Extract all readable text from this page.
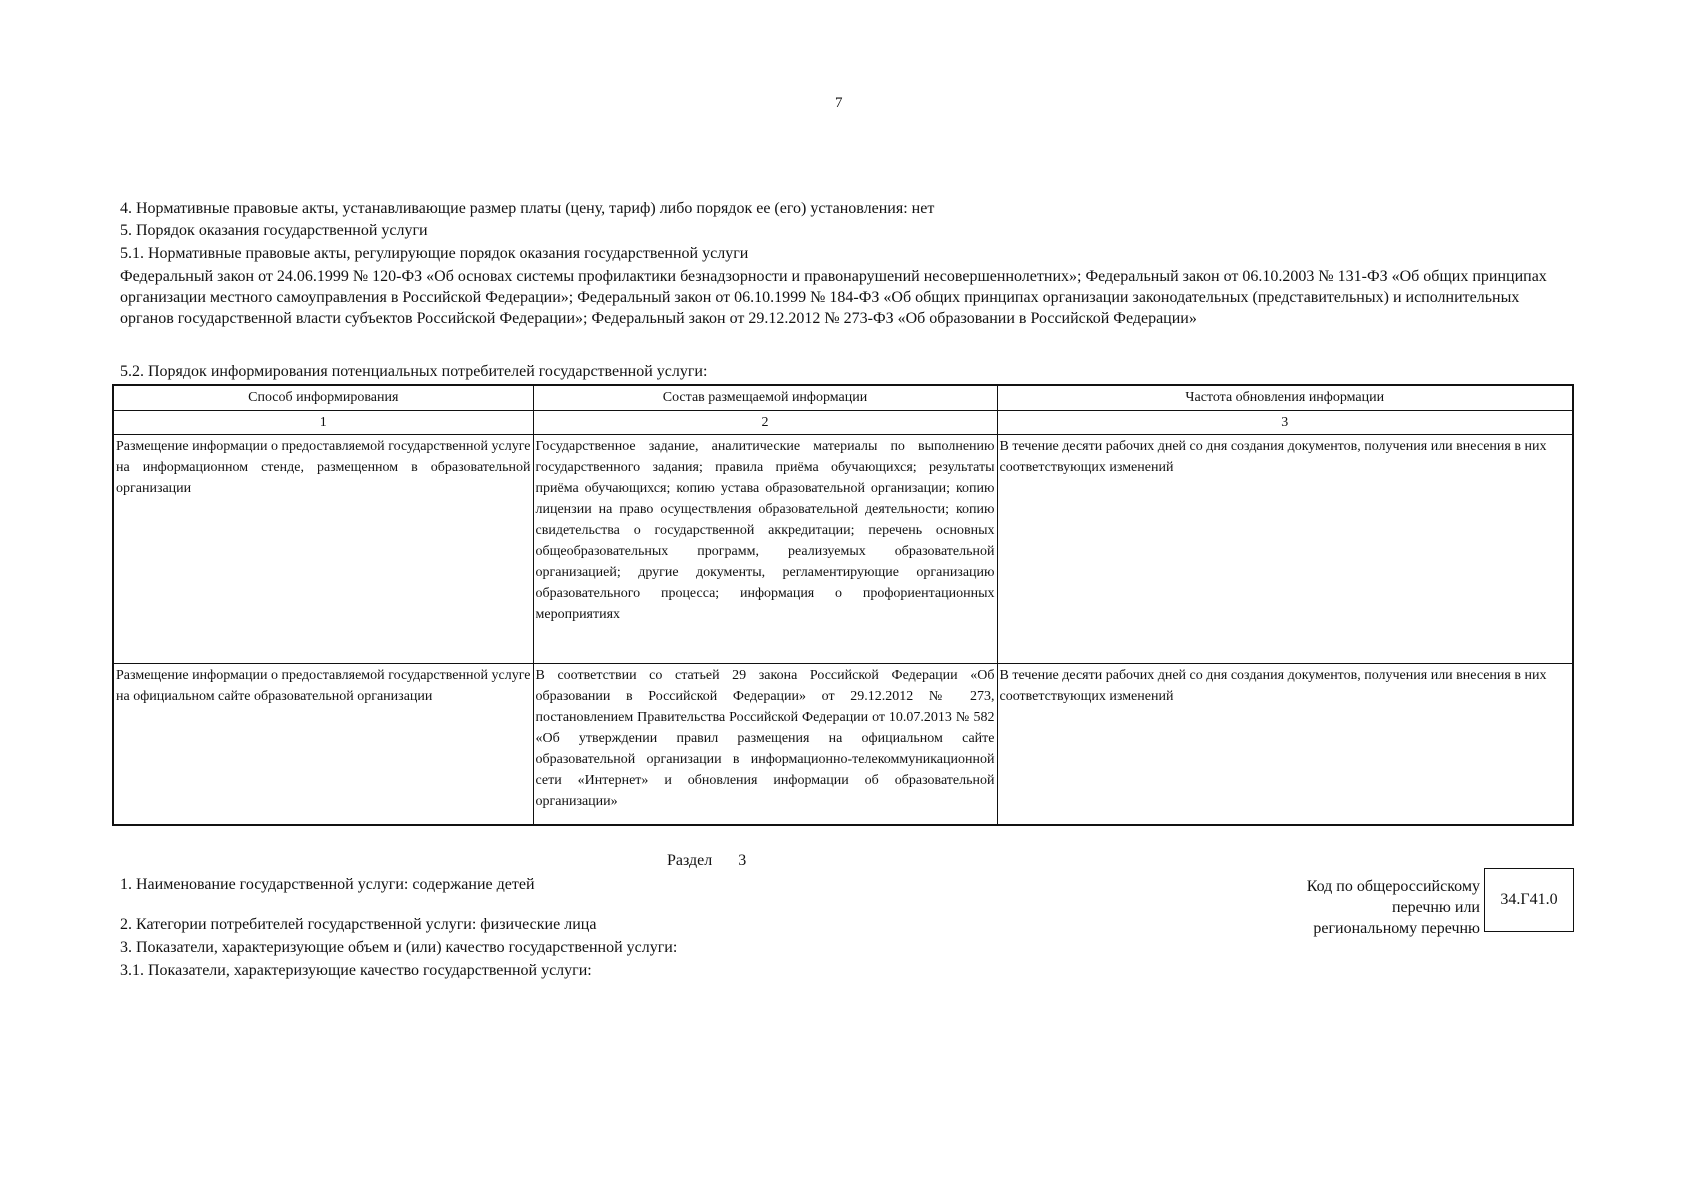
7
4. Нормативные правовые акты, устанавливающие размер платы (цену, тариф) либо порядок ее (его) установления: нет
5. Порядок оказания государственной услуги
5.1. Нормативные правовые акты, регулирующие порядок оказания государственной услуги
Федеральный закон от 24.06.1999 № 120-ФЗ «Об основах системы профилактики безнадзорности и правонарушений несовершеннолетних»; Федеральный закон от 06.10.2003 № 131-ФЗ «Об общих принципах организации местного самоуправления в Российской Федерации»; Федеральный закон от 06.10.1999 № 184-ФЗ «Об общих принципах организации законодательных (представительных) и исполнительных органов государственной власти субъектов Российской Федерации»; Федеральный закон от 29.12.2012 № 273-ФЗ «Об образовании в Российской Федерации»
5.2. Порядок информирования потенциальных потребителей государственной услуги:
Способ информирования	Состав размещаемой информации	Частота обновления информации
1	2	3
Размещение информации о предоставляемой государственной услуге на информационном стенде, размещенном в образовательной организации	Государственное задание, аналитические материалы по выполнению государственного задания; правила приёма обучающихся; результаты приёма обучающихся; копию устава образовательной организации; копию лицензии на право осуществления образовательной деятельности; копию свидетельства о государственной аккредитации; перечень основных общеобразовательных программ, реализуемых образовательной организацией; другие документы, регламентирующие организацию образовательного процесса; информация о профориентационных мероприятиях	В течение десяти рабочих дней со дня создания документов, получения или внесения в них соответствующих изменений
Размещение информации о предоставляемой государственной услуге на официальном сайте образовательной организации	В соответствии со статьей 29 закона Российской Федерации «Об образовании в Российской Федерации» от 29.12.2012 № 273, постановлением Правительства Российской Федерации от 10.07.2013 № 582 «Об утверждении правил размещения на официальном сайте образовательной организации в информационно-телекоммуникационной сети «Интернет» и обновления информации об образовательной организации»	В течение десяти рабочих дней со дня создания документов, получения или внесения в них соответствующих изменений
Раздел 3
1. Наименование государственной услуги: содержание детей
2. Категории потребителей государственной услуги: физические лица
3. Показатели, характеризующие объем и (или) качество государственной услуги:
3.1. Показатели, характеризующие качество государственной услуги:
Код по общероссийскому
перечню или
региональному перечню
34.Г41.0
